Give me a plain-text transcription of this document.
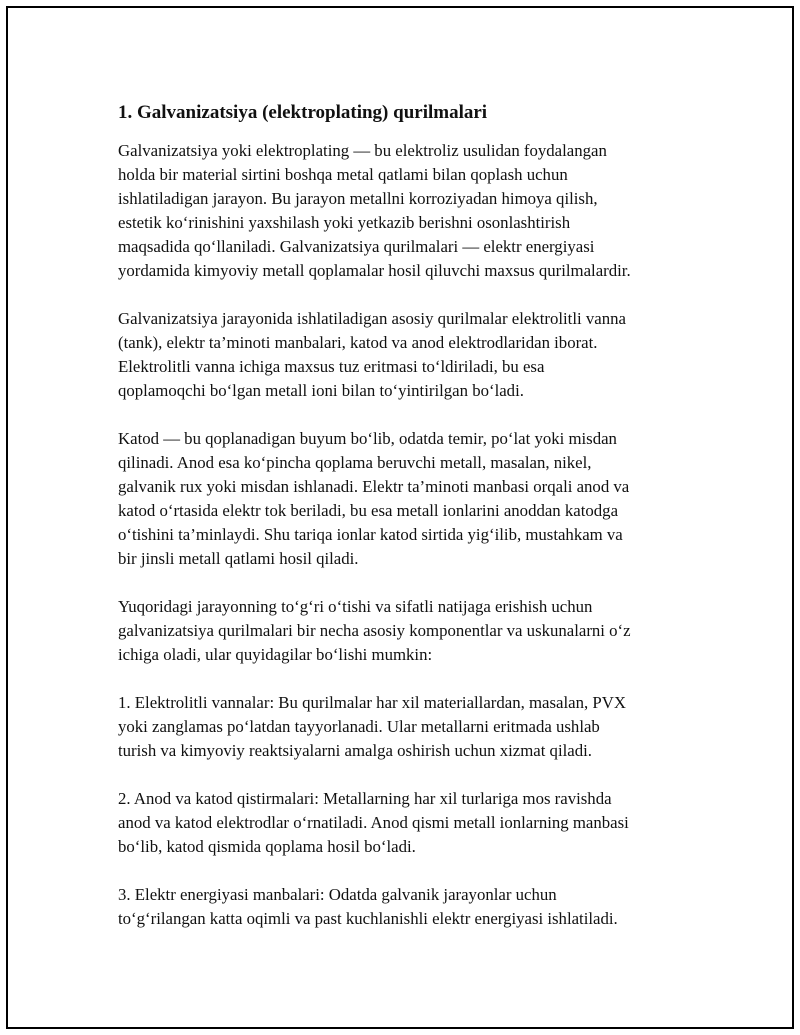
1. Galvanizatsiya (elektroplating) qurilmalari

Galvanizatsiya yoki elektroplating — bu elektroliz usulidan foydalangan
holda bir material sirtini boshqa metal qatlami bilan qoplash uchun
ishlatiladigan jarayon. Bu jarayon metallni korroziyadan himoya qilish,
estetik ko‘rinishini yaxshilash yoki yetkazib berishni osonlashtirish
maqsadida qo‘llaniladi. Galvanizatsiya qurilmalari — elektr energiyasi
yordamida kimyoviy metall qoplamalar hosil qiluvchi maxsus qurilmalardir.

Galvanizatsiya jarayonida ishlatiladigan asosiy qurilmalar elektrolitli vanna
(tank), elektr ta’minoti manbalari, katod va anod elektrodlaridan iborat.
Elektrolitli vanna ichiga maxsus tuz eritmasi to‘ldiriladi, bu esa
qoplamoqchi bo‘lgan metall ioni bilan to‘yintirilgan bo‘ladi.

Katod — bu qoplanadigan buyum bo‘lib, odatda temir, po‘lat yoki misdan
qilinadi. Anod esa ko‘pincha qoplama beruvchi metall, masalan, nikel,
galvanik rux yoki misdan ishlanadi. Elektr ta’minoti manbasi orqali anod va
katod o‘rtasida elektr tok beriladi, bu esa metall ionlarini anoddan katodga
o‘tishini ta’minlaydi. Shu tariqa ionlar katod sirtida yig‘ilib, mustahkam va
bir jinsli metall qatlami hosil qiladi.

Yuqoridagi jarayonning to‘g‘ri o‘tishi va sifatli natijaga erishish uchun
galvanizatsiya qurilmalari bir necha asosiy komponentlar va uskunalarni o‘z
ichiga oladi, ular quyidagilar bo‘lishi mumkin:

1. Elektrolitli vannalar: Bu qurilmalar har xil materiallardan, masalan, PVX
yoki zanglamas po‘latdan tayyorlanadi. Ular metallarni eritmada ushlab
turish va kimyoviy reaktsiyalarni amalga oshirish uchun xizmat qiladi.

2. Anod va katod qistirmalari: Metallarning har xil turlariga mos ravishda
anod va katod elektrodlar o‘rnatiladi. Anod qismi metall ionlarning manbasi
bo‘lib, katod qismida qoplama hosil bo‘ladi.

3. Elektr energiyasi manbalari: Odatda galvanik jarayonlar uchun
to‘g‘rilangan katta oqimli va past kuchlanishli elektr energiyasi ishlatiladi.
